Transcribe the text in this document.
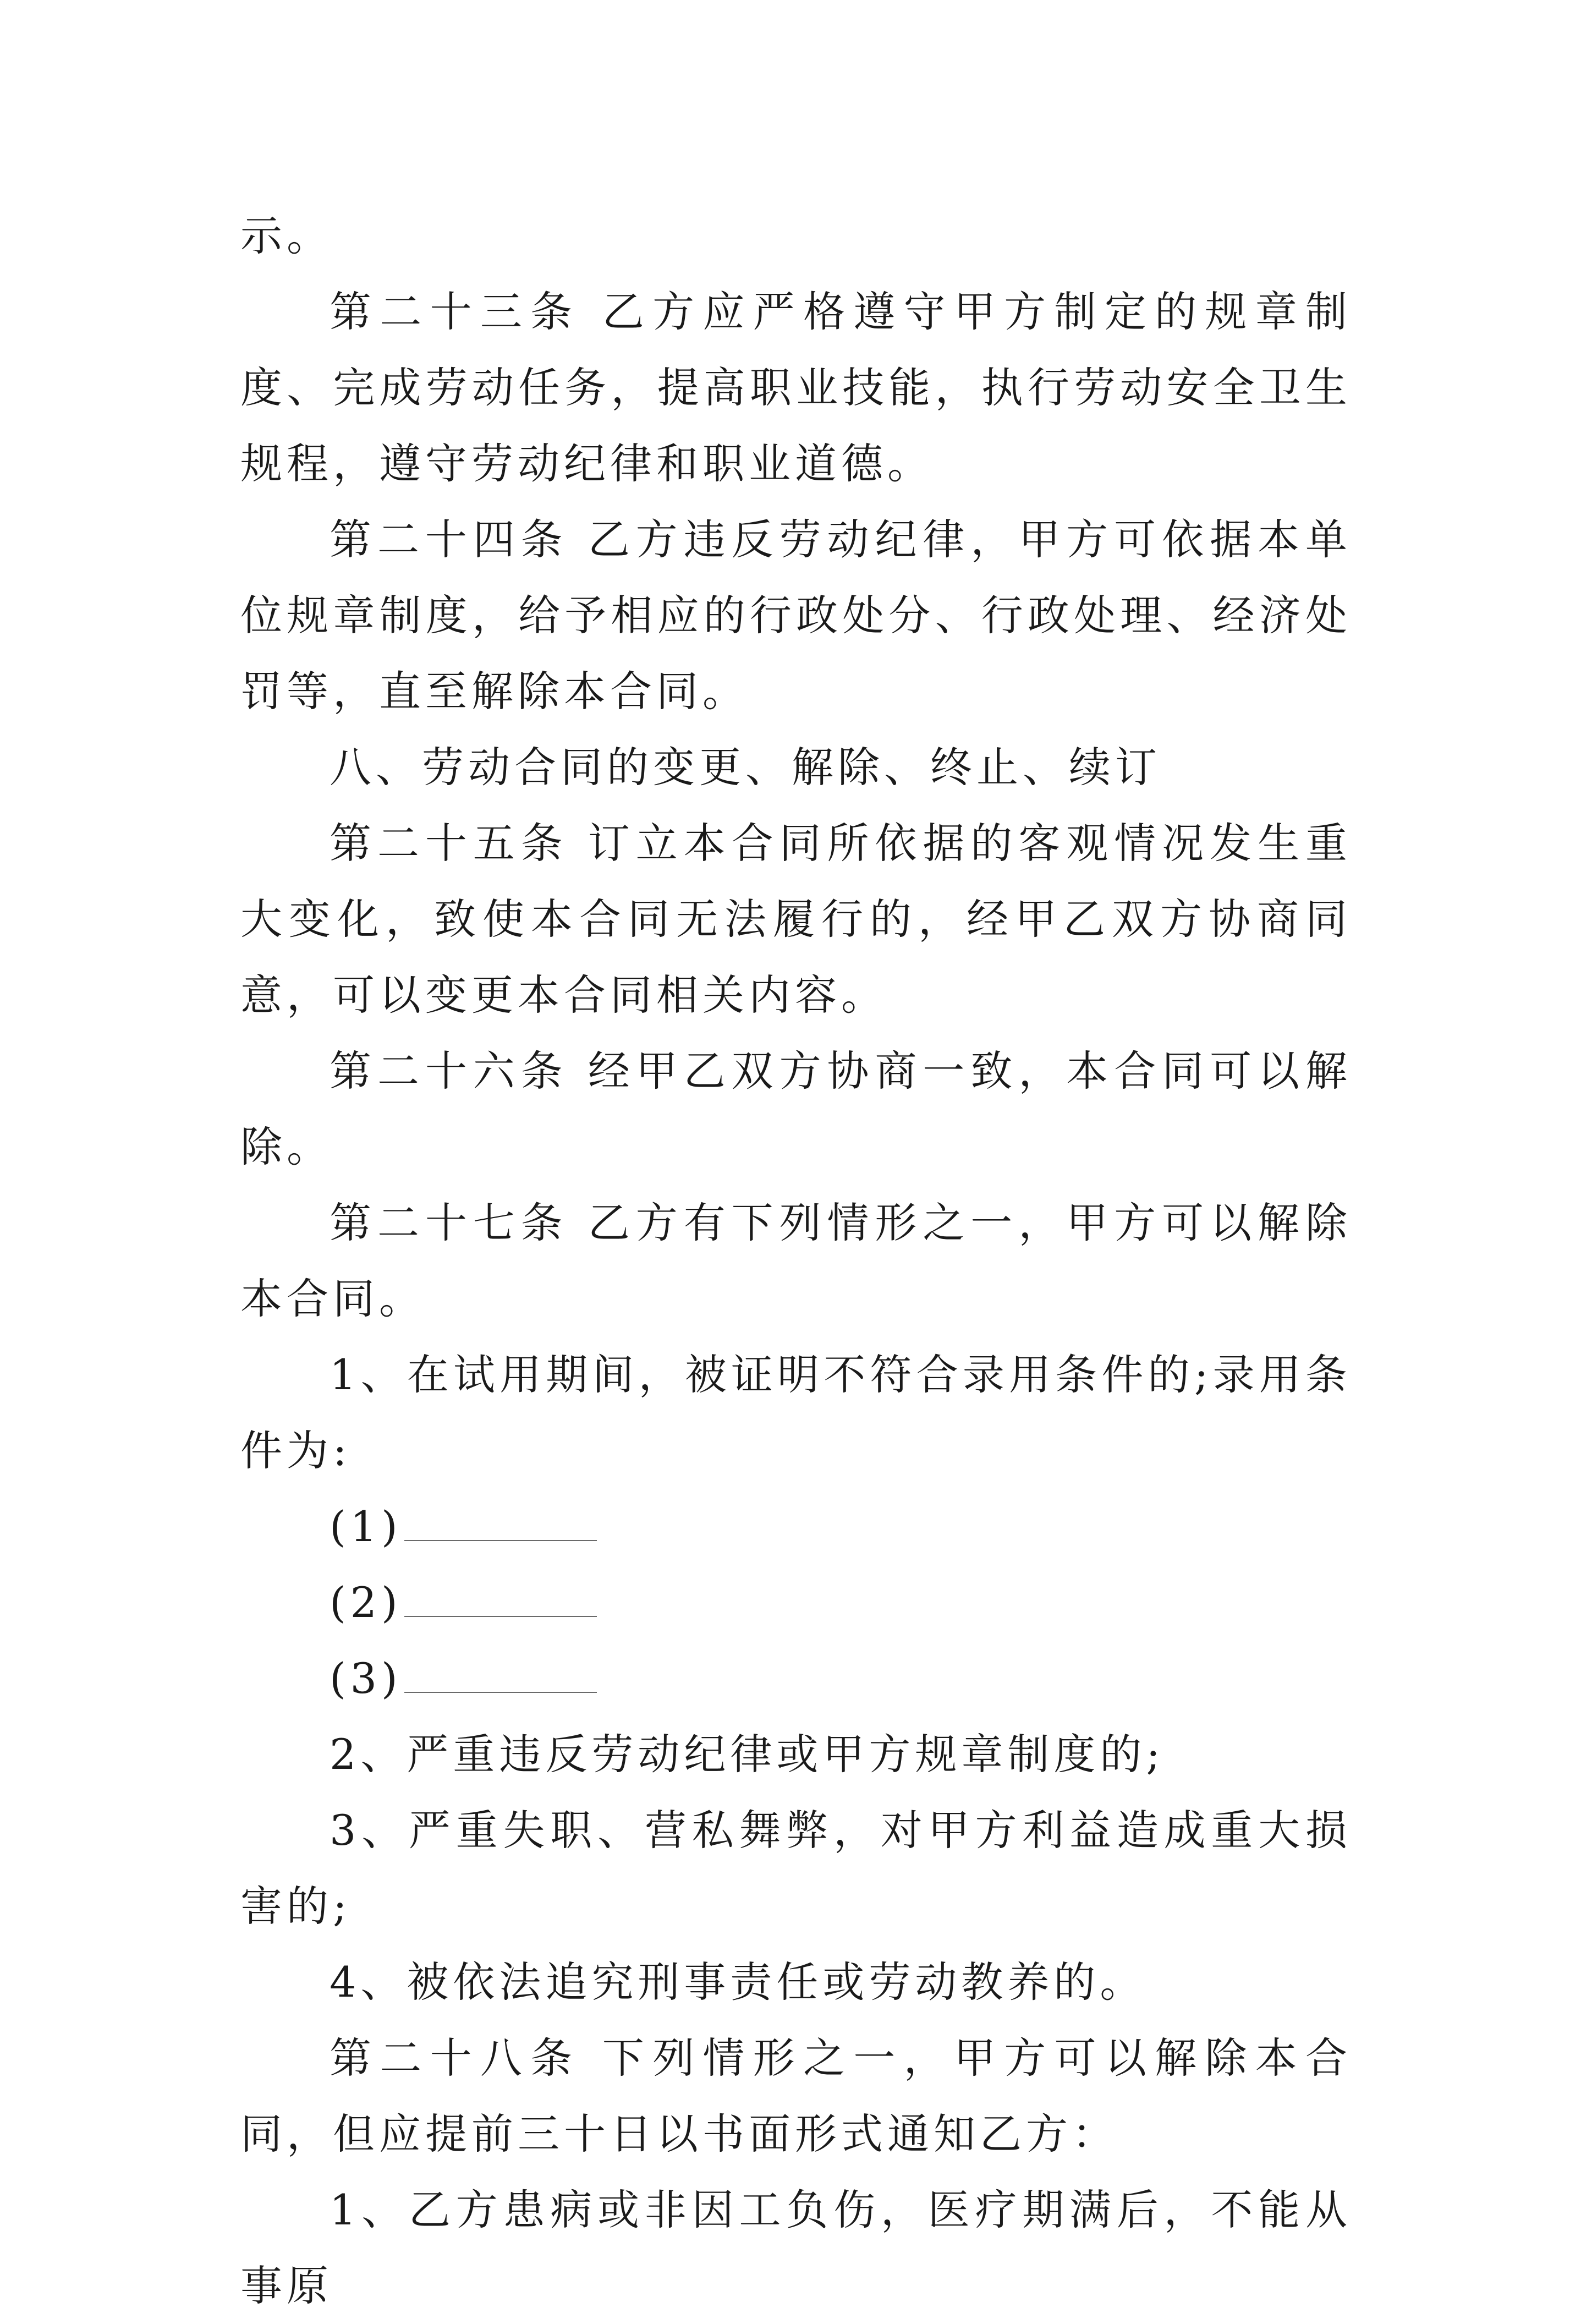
示。

第二十三条 乙方应严格遵守甲方制定的规章制度、完成劳动任务，提高职业技能，执行劳动安全卫生规程，遵守劳动纪律和职业道德。

第二十四条 乙方违反劳动纪律，甲方可依据本单位规章制度，给予相应的行政处分、行政处理、经济处罚等，直至解除本合同。

八、劳动合同的变更、解除、终止、续订

第二十五条 订立本合同所依据的客观情况发生重大变化，致使本合同无法履行的，经甲乙双方协商同意，可以变更本合同相关内容。

第二十六条 经甲乙双方协商一致，本合同可以解除。

第二十七条 乙方有下列情形之一，甲方可以解除本合同。

1、在试用期间，被证明不符合录用条件的;录用条件为:

(1)

(2)

(3)

2、严重违反劳动纪律或甲方规章制度的;

3、严重失职、营私舞弊，对甲方利益造成重大损害的;

4、被依法追究刑事责任或劳动教养的。

第二十八条 下列情形之一，甲方可以解除本合同，但应提前三十日以书面形式通知乙方：

1、乙方患病或非因工负伤，医疗期满后，不能从事原
